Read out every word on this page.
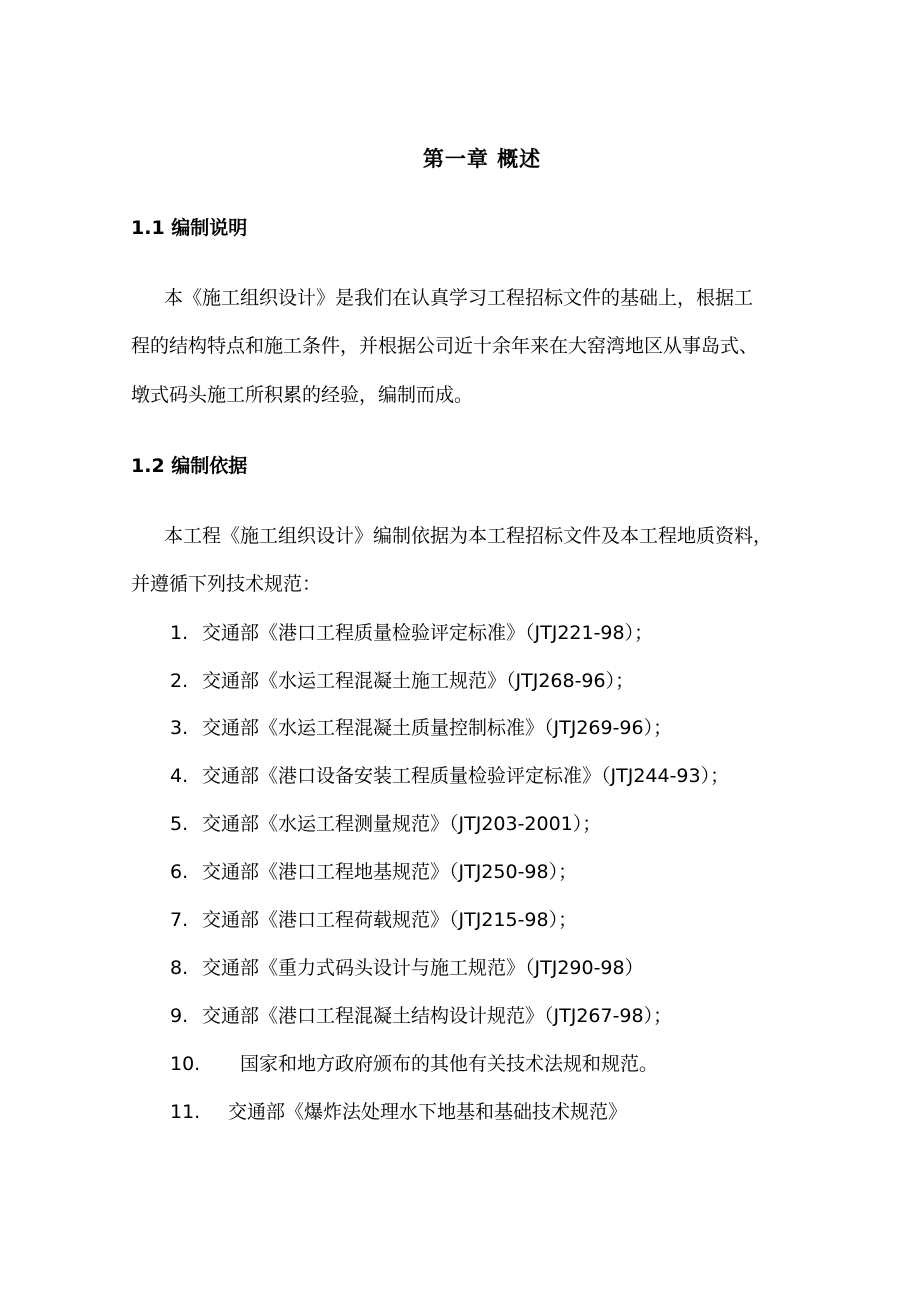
第一章 概述
1.1 编制说明
本《施工组织设计》是我们在认真学习工程招标文件的基础上，根据工
程的结构特点和施工条件，并根据公司近十余年来在大窑湾地区从事岛式、
墩式码头施工所积累的经验，编制而成。
1.2 编制依据
本工程《施工组织设计》编制依据为本工程招标文件及本工程地质资料，
并遵循下列技术规范：
1. 交通部《港口工程质量检验评定标准》（JTJ221-98）；
2. 交通部《水运工程混凝土施工规范》（JTJ268-96）；
3. 交通部《水运工程混凝土质量控制标准》（JTJ269-96）；
4. 交通部《港口设备安装工程质量检验评定标准》（JTJ244-93）；
5. 交通部《水运工程测量规范》（JTJ203-2001）；
6. 交通部《港口工程地基规范》（JTJ250-98）；
7. 交通部《港口工程荷载规范》（JTJ215-98）；
8. 交通部《重力式码头设计与施工规范》（JTJ290-98）
9. 交通部《港口工程混凝土结构设计规范》（JTJ267-98）；
10. 国家和地方政府颁布的其他有关技术法规和规范。
11. 交通部《爆炸法处理水下地基和基础技术规范》
